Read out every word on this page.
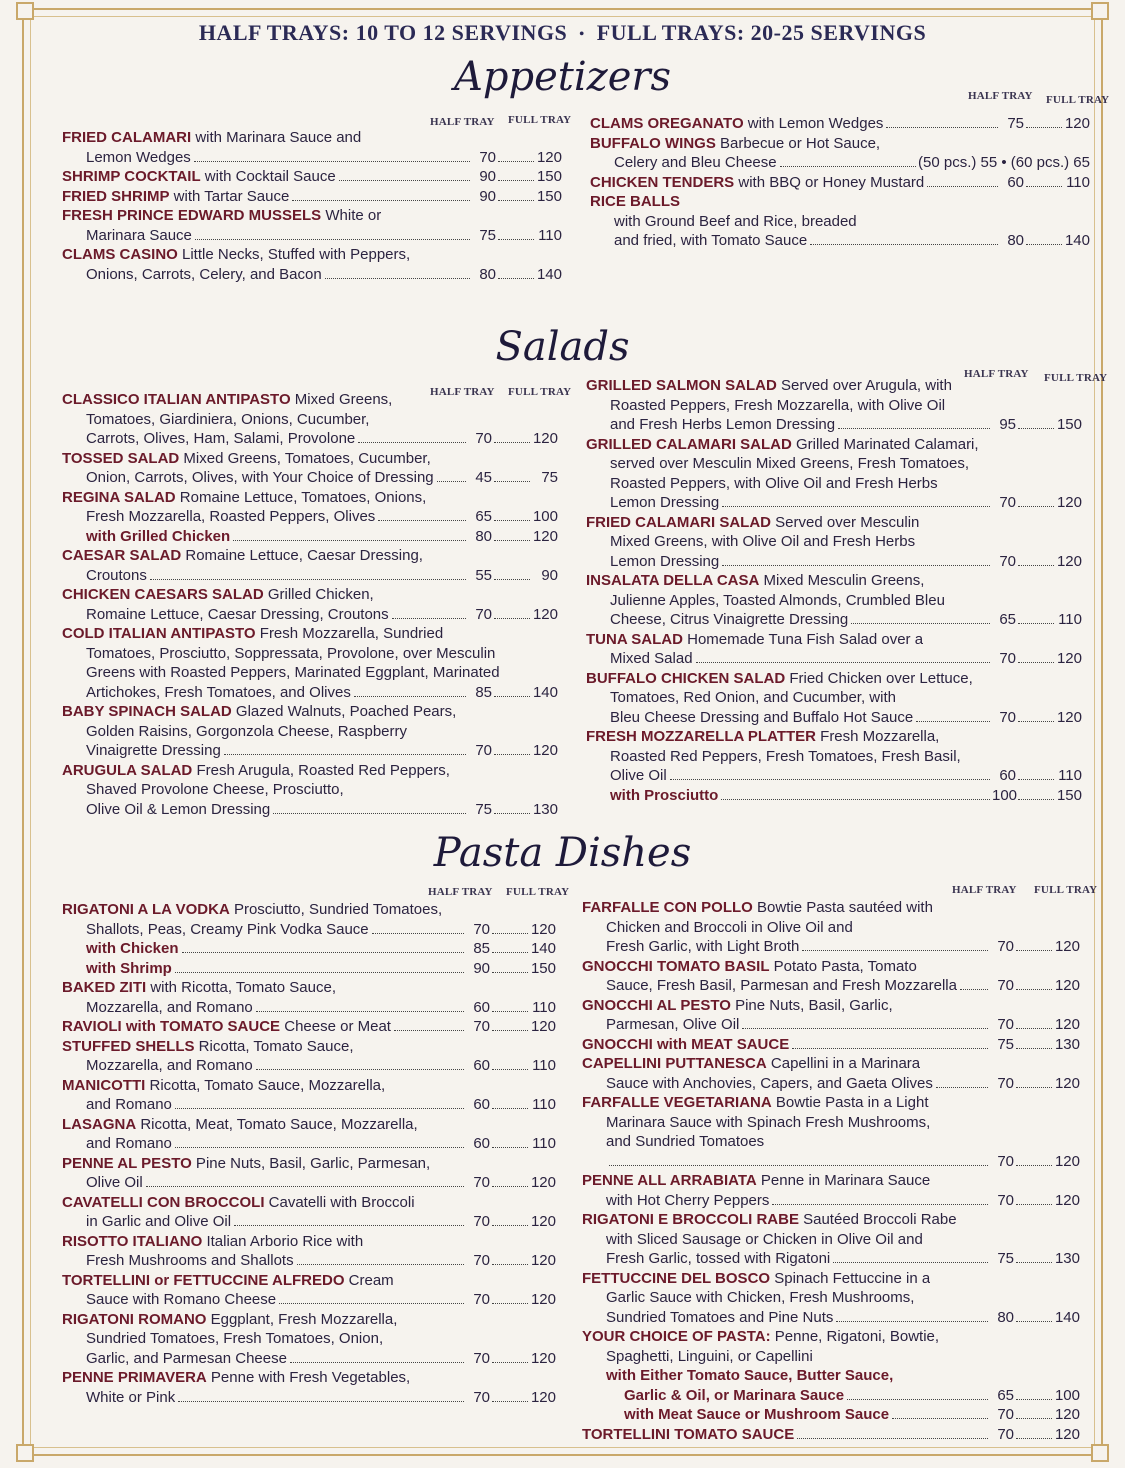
HALF TRAYS: 10 TO 12 SERVINGS • FULL TRAYS: 20-25 SERVINGS
Appetizers
HALF TRAY FULL TRAY
HALF TRAY FULL TRAY
FRIED CALAMARI with Marinara Sauce and
Lemon Wedges	70	120
SHRIMP COCKTAIL with Cocktail Sauce	90	150
FRIED SHRIMP with Tartar Sauce	90	150
FRESH PRINCE EDWARD MUSSELS White or
Marinara Sauce	75	110
CLAMS CASINO Little Necks, Stuffed with Peppers,
Onions, Carrots, Celery, and Bacon	80	140
CLAMS OREGANATO with Lemon Wedges	75	120
BUFFALO WINGS Barbecue or Hot Sauce,
Celery and Bleu Cheese	(50 pcs.) 55 • (60 pcs.) 65
CHICKEN TENDERS with BBQ or Honey Mustard	60	110
RICE BALLS
with Ground Beef and Rice, breaded
and fried, with Tomato Sauce	80	140
Salads
HALF TRAY FULL TRAY
HALF TRAY FULL TRAY
CLASSICO ITALIAN ANTIPASTO Mixed Greens,
Tomatoes, Giardiniera, Onions, Cucumber,
Carrots, Olives, Ham, Salami, Provolone	70	120
TOSSED SALAD Mixed Greens, Tomatoes, Cucumber,
Onion, Carrots, Olives, with Your Choice of Dressing	45	75
REGINA SALAD Romaine Lettuce, Tomatoes, Onions,
Fresh Mozzarella, Roasted Peppers, Olives	65	100
with Grilled Chicken	80	120
CAESAR SALAD Romaine Lettuce, Caesar Dressing,
Croutons	55	90
CHICKEN CAESARS SALAD Grilled Chicken,
Romaine Lettuce, Caesar Dressing, Croutons	70	120
COLD ITALIAN ANTIPASTO Fresh Mozzarella, Sundried
Tomatoes, Prosciutto, Soppressata, Provolone, over Mesculin
Greens with Roasted Peppers, Marinated Eggplant, Marinated
Artichokes, Fresh Tomatoes, and Olives	85	140
BABY SPINACH SALAD Glazed Walnuts, Poached Pears,
Golden Raisins, Gorgonzola Cheese, Raspberry
Vinaigrette Dressing	70	120
ARUGULA SALAD Fresh Arugula, Roasted Red Peppers,
Shaved Provolone Cheese, Prosciutto,
Olive Oil & Lemon Dressing	75	130
GRILLED SALMON SALAD Served over Arugula, with
Roasted Peppers, Fresh Mozzarella, with Olive Oil
and Fresh Herbs Lemon Dressing	95	150
GRILLED CALAMARI SALAD Grilled Marinated Calamari,
served over Mesculin Mixed Greens, Fresh Tomatoes,
Roasted Peppers, with Olive Oil and Fresh Herbs
Lemon Dressing	70	120
FRIED CALAMARI SALAD Served over Mesculin
Mixed Greens, with Olive Oil and Fresh Herbs
Lemon Dressing	70	120
INSALATA DELLA CASA Mixed Mesculin Greens,
Julienne Apples, Toasted Almonds, Crumbled Bleu
Cheese, Citrus Vinaigrette Dressing	65	110
TUNA SALAD Homemade Tuna Fish Salad over a
Mixed Salad	70	120
BUFFALO CHICKEN SALAD Fried Chicken over Lettuce,
Tomatoes, Red Onion, and Cucumber, with
Bleu Cheese Dressing and Buffalo Hot Sauce	70	120
FRESH MOZZARELLA PLATTER Fresh Mozzarella,
Roasted Red Peppers, Fresh Tomatoes, Fresh Basil,
Olive Oil	60	110
with Prosciutto	100	150
Pasta Dishes
HALF TRAY FULL TRAY	HALF TRAY FULL TRAY
RIGATONI A LA VODKA Prosciutto, Sundried Tomatoes,
Shallots, Peas, Creamy Pink Vodka Sauce	70	120
with Chicken	85	140
with Shrimp	90	150
BAKED ZITI with Ricotta, Tomato Sauce,
Mozzarella, and Romano	60	110
RAVIOLI with TOMATO SAUCE Cheese or Meat	70	120
STUFFED SHELLS Ricotta, Tomato Sauce,
Mozzarella, and Romano	60	110
MANICOTTI Ricotta, Tomato Sauce, Mozzarella,
and Romano	60	110
LASAGNA Ricotta, Meat, Tomato Sauce, Mozzarella,
and Romano	60	110
PENNE AL PESTO Pine Nuts, Basil, Garlic, Parmesan,
Olive Oil	70	120
CAVATELLI CON BROCCOLI Cavatelli with Broccoli
in Garlic and Olive Oil	70	120
RISOTTO ITALIANO Italian Arborio Rice with
Fresh Mushrooms and Shallots	70	120
TORTELLINI or FETTUCCINE ALFREDO Cream
Sauce with Romano Cheese	70	120
RIGATONI ROMANO Eggplant, Fresh Mozzarella,
Sundried Tomatoes, Fresh Tomatoes, Onion,
Garlic, and Parmesan Cheese	70	120
PENNE PRIMAVERA Penne with Fresh Vegetables,
White or Pink	70	120
FARFALLE CON POLLO Bowtie Pasta sautéed with
Chicken and Broccoli in Olive Oil and
Fresh Garlic, with Light Broth	70	120
GNOCCHI TOMATO BASIL Potato Pasta, Tomato
Sauce, Fresh Basil, Parmesan and Fresh Mozzarella	70	120
GNOCCHI AL PESTO Pine Nuts, Basil, Garlic,
Parmesan, Olive Oil	70	120
GNOCCHI with MEAT SAUCE	75	130
CAPELLINI PUTTANESCA Capellini in a Marinara
Sauce with Anchovies, Capers, and Gaeta Olives	70	120
FARFALLE VEGETARIANA Bowtie Pasta in a Light
Marinara Sauce with Spinach Fresh Mushrooms,
and Sundried Tomatoes
70	120
PENNE ALL ARRABIATA Penne in Marinara Sauce
with Hot Cherry Peppers	70	120
RIGATONI E BROCCOLI RABE Sautéed Broccoli Rabe
with Sliced Sausage or Chicken in Olive Oil and
Fresh Garlic, tossed with Rigatoni	75	130
FETTUCCINE DEL BOSCO Spinach Fettuccine in a
Garlic Sauce with Chicken, Fresh Mushrooms,
Sundried Tomatoes and Pine Nuts	80	140
YOUR CHOICE OF PASTA: Penne, Rigatoni, Bowtie,
Spaghetti, Linguini, or Capellini
with Either Tomato Sauce, Butter Sauce,
Garlic & Oil, or Marinara Sauce	65	100
with Meat Sauce or Mushroom Sauce	70	120
TORTELLINI TOMATO SAUCE	70	120
